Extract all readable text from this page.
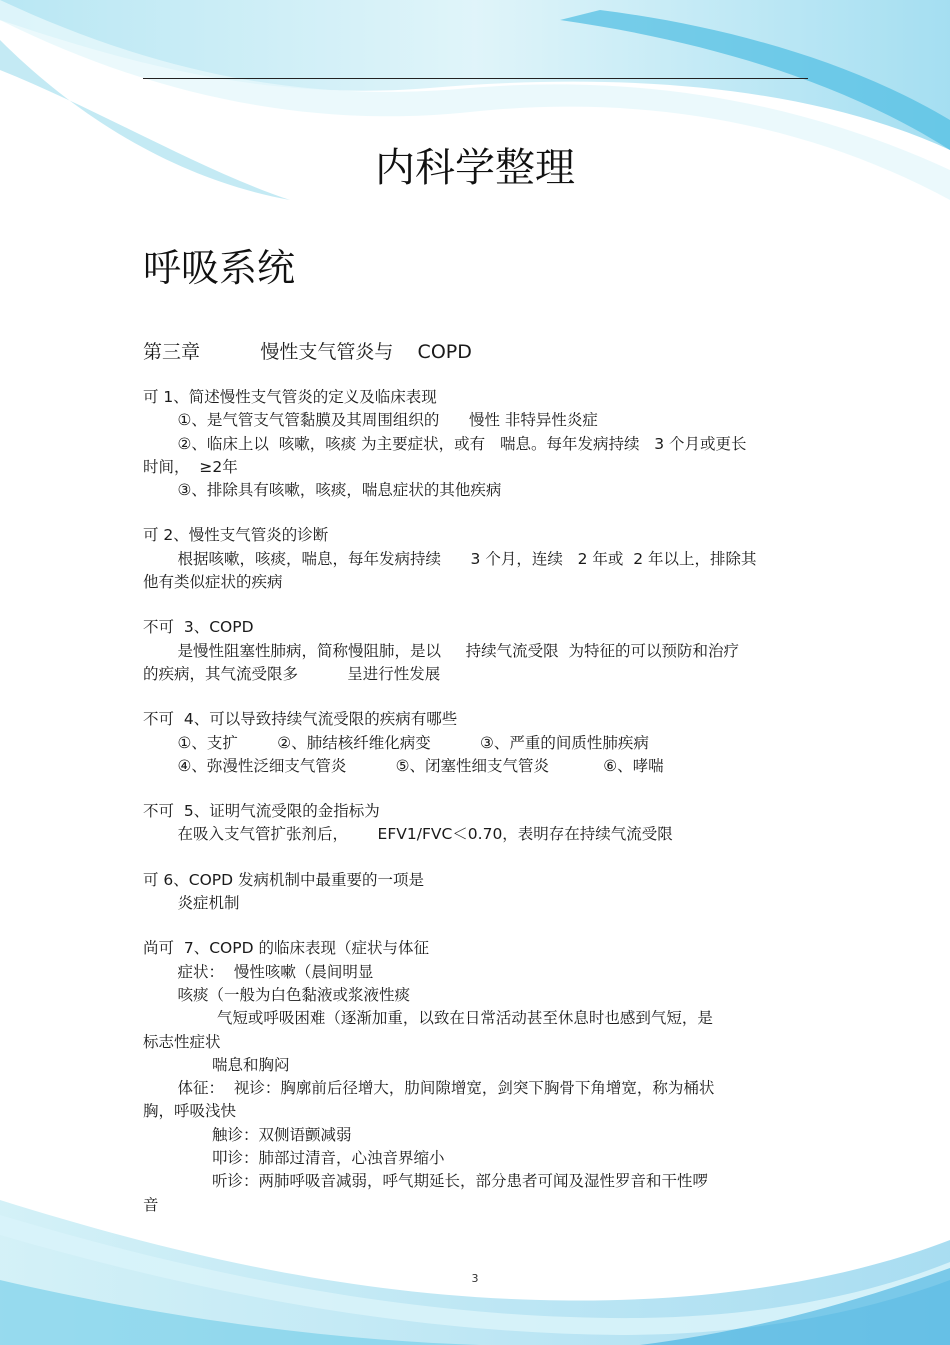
内科学整理
呼吸系统
第三章          慢性支气管炎与    COPD
可 1、简述慢性支气管炎的定义及临床表现
①、是气管支气管黏膜及其周围组织的      慢性 非特异性炎症
②、临床上以  咳嗽，咳痰 为主要症状，或有   喘息。每年发病持续   3 个月或更长
时间，  ≥2年
③、排除具有咳嗽，咳痰，喘息症状的其他疾病
可 2、慢性支气管炎的诊断
根据咳嗽，咳痰，喘息，每年发病持续      3 个月，连续   2 年或  2 年以上，排除其
他有类似症状的疾病
不可  3、COPD
是慢性阻塞性肺病，简称慢阻肺，是以     持续气流受限  为特征的可以预防和治疗
的疾病，其气流受限多          呈进行性发展
不可  4、可以导致持续气流受限的疾病有哪些
①、支扩        ②、肺结核纤维化病变          ③、严重的间质性肺疾病
④、弥漫性泛细支气管炎          ⑤、闭塞性细支气管炎           ⑥、哮喘
不可  5、证明气流受限的金指标为
在吸入支气管扩张剂后，      EFV1/FVC＜0.70，表明存在持续气流受限
可 6、COPD 发病机制中最重要的一项是
炎症机制
尚可  7、COPD 的临床表现（症状与体征
症状：  慢性咳嗽（晨间明显
咳痰（一般为白色黏液或浆液性痰
气短或呼吸困难（逐渐加重，以致在日常活动甚至休息时也感到气短，是
标志性症状
喘息和胸闷
体征：  视诊：胸廓前后径增大，肋间隙增宽，剑突下胸骨下角增宽，称为桶状
胸，呼吸浅快
触诊：双侧语颤减弱
叩诊：肺部过清音，心浊音界缩小
听诊：两肺呼吸音减弱，呼气期延长，部分患者可闻及湿性罗音和干性啰
音
3
